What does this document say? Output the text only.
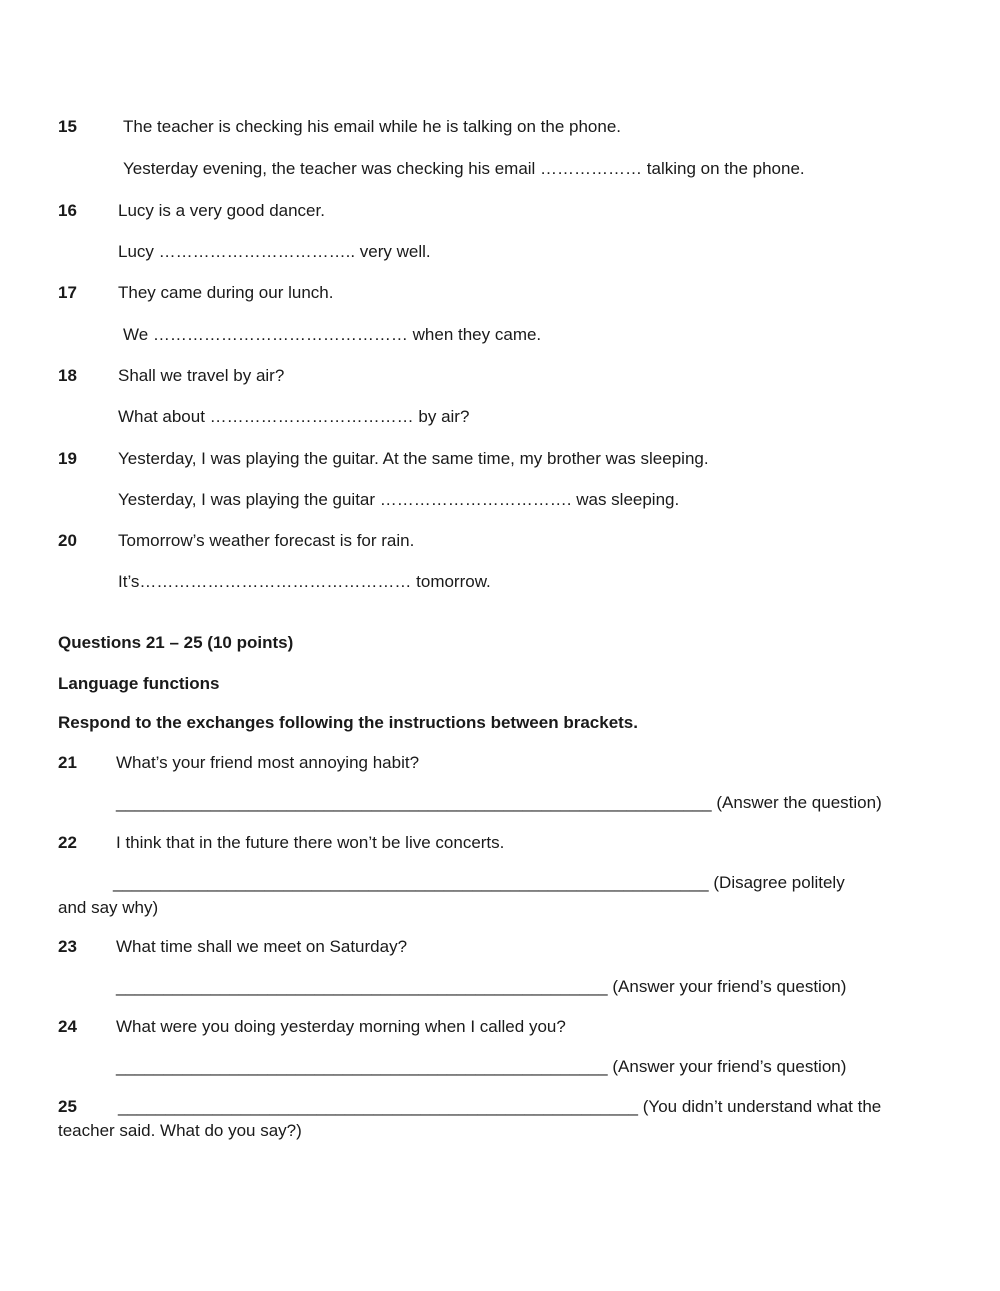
15	The teacher is checking his email while he is talking on the phone.
Yesterday evening, the teacher was checking his email ……………… talking on the phone.
16 Lucy is a very good dancer.
Lucy …………………………….. very well.
17 They came during our lunch.
We ……………………………………… when they came.
18 Shall we travel by air?
What about ……………………………… by air?
19 Yesterday, I was playing the guitar. At the same time, my brother was sleeping.
Yesterday, I was playing the guitar ……………………………. was sleeping.
20 Tomorrow’s weather forecast is for rain.
It’s………………………………………… tomorrow.
Questions 21 – 25 (10 points)
Language functions
Respond to the exchanges following the instructions between brackets.
21 What’s your friend most annoying habit?
_______________________________________________________________ (Answer the question)
22 I think that in the future there won’t be live concerts.
_______________________________________________________________ (Disagree politely
and say why)
23 What time shall we meet on Saturday?
____________________________________________________ (Answer your friend’s question)
24 What were you doing yesterday morning when I called you?
____________________________________________________ (Answer your friend’s question)
25 _______________________________________________________ (You didn’t understand what the
teacher said. What do you say?)
